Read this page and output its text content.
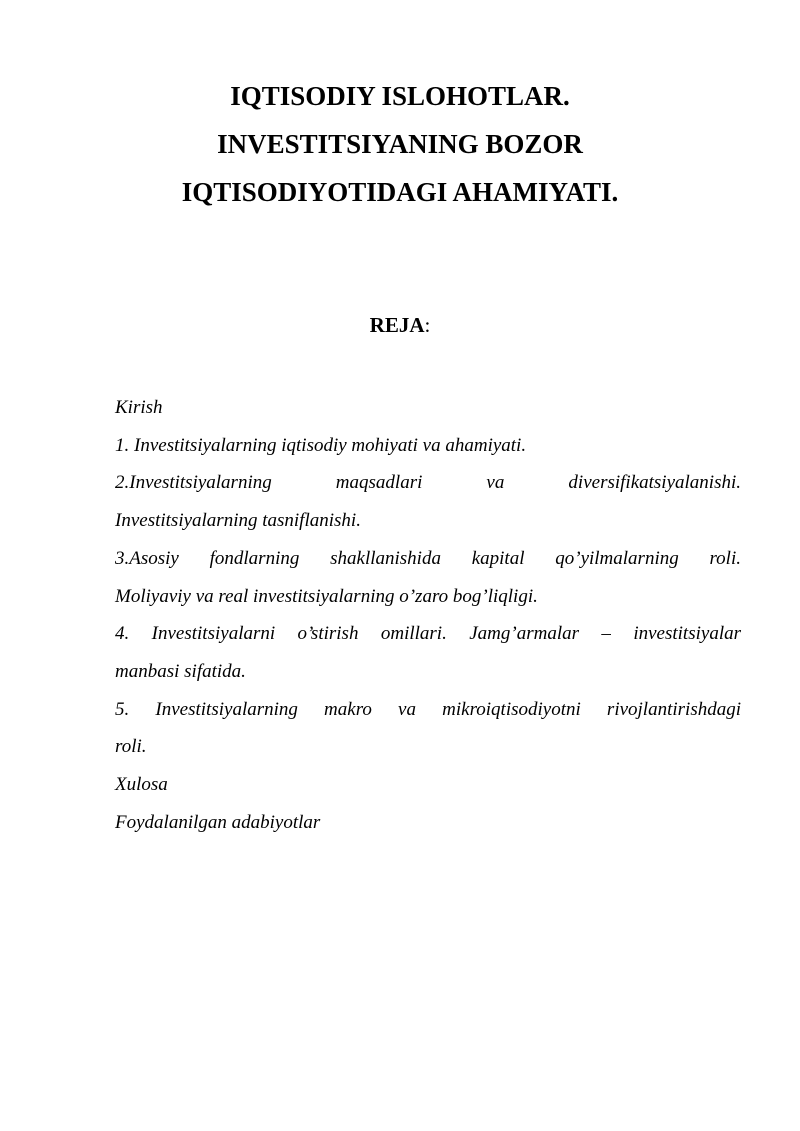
IQTISODIY ISLOHOTLAR.

INVESTITSIYANING BOZOR

IQTISODIYOTIDAGI AHAMIYATI.

REJA:

Kirish

1. Investitsiyalarning iqtisodiy mohiyati va ahamiyati.

2.Investitsiyalarning maqsadlari va diversifikatsiyalanishi.

Investitsiyalarning tasniflanishi.

3.Asosiy fondlarning shakllanishida kapital qo’yilmalarning roli.

Moliyaviy va real investitsiyalarning o’zaro bog’liqligi.

4. Investitsiyalarni o’stirish omillari. Jamg’armalar – investitsiyalar

manbasi sifatida.

5. Investitsiyalarning makro va mikroiqtisodiyotni rivojlantirishdagi

roli.

Xulosa

Foydalanilgan adabiyotlar
